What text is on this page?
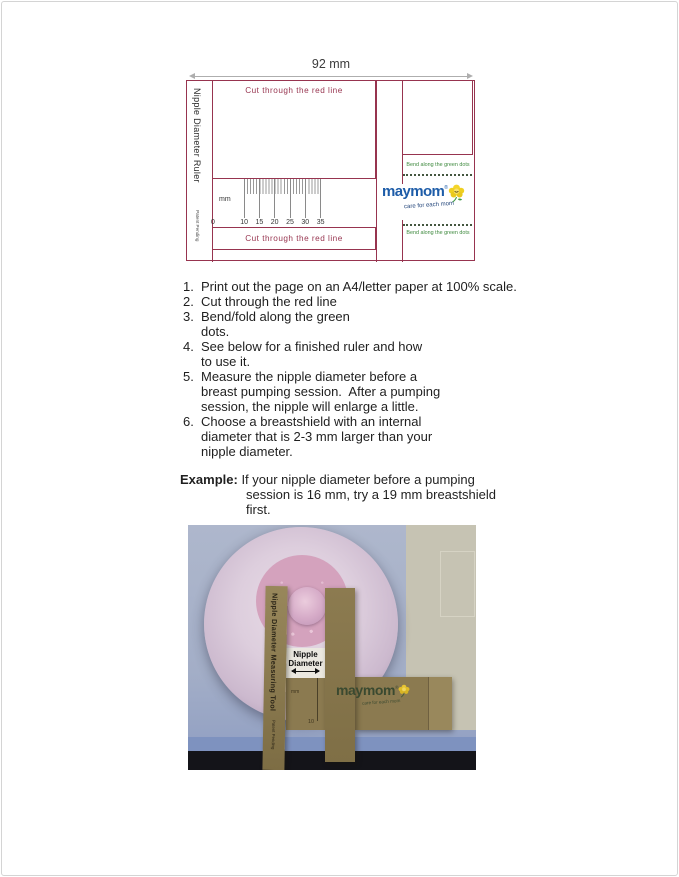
92 mm
Nipple Diameter Ruler
Patent Pending
Cut through the red line
10	15	20	25	30	35
mm
0
Cut through the red line
Bend along the green dots
Bend along the green dots
maymom ®
care for each mom
1. Print out the page on an A4/letter paper at 100% scale.
2. Cut through the red line
3. Bend/fold along the green
dots.
4. See below for a finished ruler and how
to use it.
5. Measure the nipple diameter before a
breast pumping session.  After a pumping
session, the nipple will enlarge a little.
6. Choose a breastshield with an internal
diameter that is 2-3 mm larger than your
nipple diameter.
Example: If your nipple diameter before a pumping
session is 16 mm, try a 19 mm breastshield
first.
mm
10
Nipple
Diameter
Nipple Diameter Measuring Tool
Patent Pending
maymom ®
care for each mom
